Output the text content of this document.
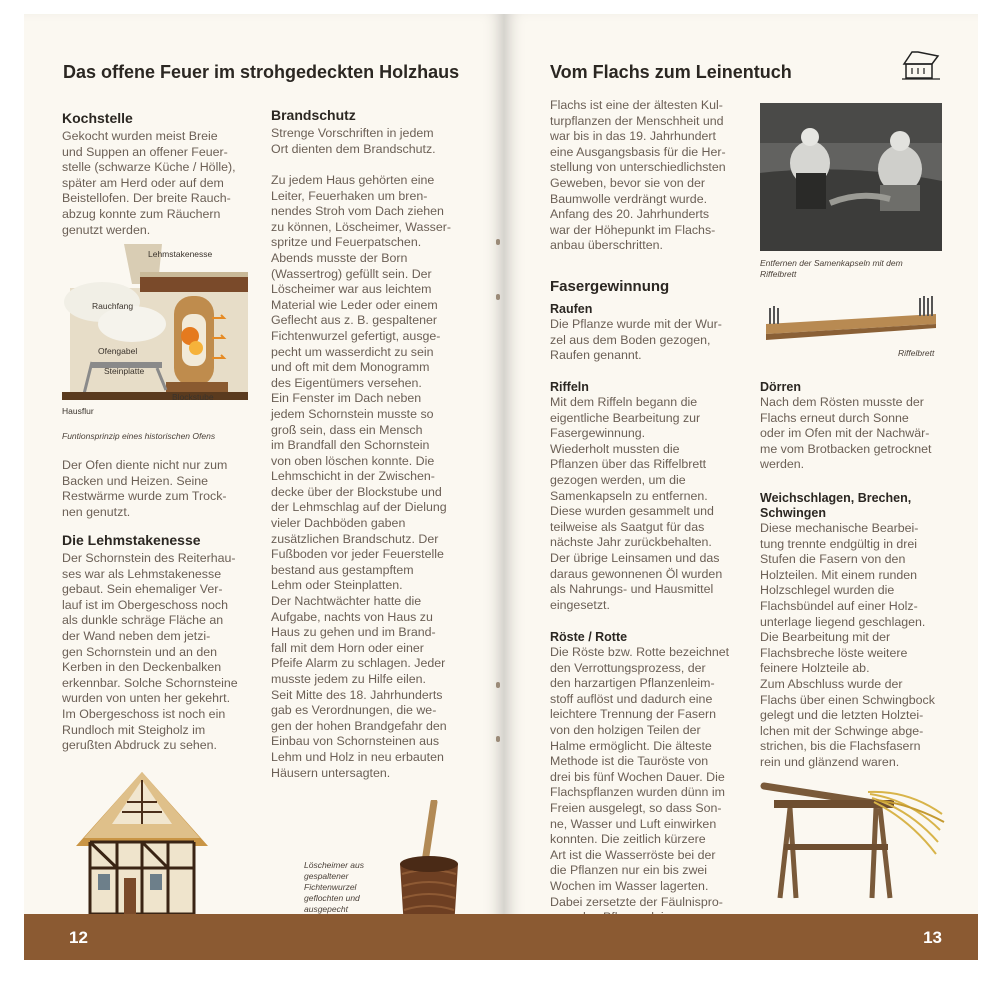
Das offene Feuer im strohgedeckten Holzhaus
Kochstelle
Gekocht wurden meist Breie
und Suppen an offener Feuer-
stelle (schwarze Küche / Hölle),
später am Herd oder auf dem
Beistellofen. Der breite Rauch-
abzug konnte zum Räuchern
genutzt werden.
Lehmstakenesse
Rauchfang
Ofengabel
Steinplatte
Hausflur
Blockstube
Funtionsprinzip eines historischen Ofens
Der Ofen diente nicht nur zum
Backen und Heizen. Seine
Restwärme wurde zum Trock-
nen genutzt.
Die Lehmstakenesse
Der Schornstein des Reiterhau-
ses war als Lehmstakenesse
gebaut. Sein ehemaliger Ver-
lauf ist im Obergeschoss noch
als dunkle schräge Fläche an
der Wand neben dem jetzi-
gen Schornstein und an den
Kerben in den Deckenbalken
erkennbar. Solche Schornsteine
wurden von unten her gekehrt.
Im Obergeschoss ist noch ein
Rundloch mit Steigholz im
gerußten Abdruck zu sehen.
Brandschutz
Strenge Vorschriften in jedem
Ort dienten dem Brandschutz.
Zu jedem Haus gehörten eine
Leiter, Feuerhaken um bren-
nendes Stroh vom Dach ziehen
zu können, Löscheimer, Wasser-
spritze und Feuerpatschen.
Abends musste der Born
(Wassertrog) gefüllt sein. Der
Löscheimer war aus leichtem
Material wie Leder oder einem
Geflecht aus z. B. gespaltener
Fichtenwurzel gefertigt, ausge-
pecht um wasserdicht zu sein
und oft mit dem Monogramm
des Eigentümers versehen.
Ein Fenster im Dach neben
jedem Schornstein musste so
groß sein, dass ein Mensch
im Brandfall den Schornstein
von oben löschen konnte. Die
Lehmschicht in der Zwischen-
decke über der Blockstube und
der Lehmschlag auf der Dielung
vieler Dachböden gaben
zusätzlichen Brandschutz. Der
Fußboden vor jeder Feuerstelle
bestand aus gestampftem
Lehm oder Steinplatten.
Der Nachtwächter hatte die
Aufgabe, nachts von Haus zu
Haus zu gehen und im Brand-
fall mit dem Horn oder einer
Pfeife Alarm zu schlagen. Jeder
musste jedem zu Hilfe eilen.
Seit Mitte des 18. Jahrhunderts
gab es Verordnungen, die we-
gen der hohen Brandgefahr den
Einbau von Schornsteinen aus
Lehm und Holz in neu erbauten
Häusern untersagten.
Löscheimer aus
gespaltener
Fichtenwurzel
geflochten und
ausgepecht
12
Vom Flachs zum Leinentuch
Flachs ist eine der ältesten Kul-
turpflanzen der Menschheit und
war bis in das 19. Jahrhundert
eine Ausgangsbasis für die Her-
stellung von unterschiedlichsten
Geweben, bevor sie von der
Baumwolle verdrängt wurde.
Anfang des 20. Jahrhunderts
war der Höhepunkt im Flachs-
anbau überschritten.
Entfernen der Samenkapseln mit dem
Riffelbrett
Fasergewinnung
Raufen
Die Pflanze wurde mit der Wur-
zel aus dem Boden gezogen,
Raufen genannt.	Riffelbrett
Riffeln
Mit dem Riffeln begann die
eigentliche Bearbeitung zur
Fasergewinnung.
Wiederholt mussten die
Pflanzen über das Riffelbrett
gezogen werden, um die
Samenkapseln zu entfernen.
Diese wurden gesammelt und
teilweise als Saatgut für das
nächste Jahr zurückbehalten.
Der übrige Leinsamen und das
daraus gewonnenen Öl wurden
als Nahrungs- und Hausmittel
eingesetzt.
Röste / Rotte
Die Röste bzw. Rotte bezeichnet
den Verrottungsprozess, der
den harzartigen Pflanzenleim-
stoff auflöst und dadurch eine
leichtere Trennung der Fasern
von den holzigen Teilen der
Halme ermöglicht. Die älteste
Methode ist die Tauröste von
drei bis fünf Wochen Dauer. Die
Flachspflanzen wurden dünn im
Freien ausgelegt, so dass Son-
ne, Wasser und Luft einwirken
konnten. Die zeitlich kürzere
Art ist die Wasserröste bei der
die Pflanzen nur ein bis zwei
Wochen im Wasser lagerten.
Dabei zersetzte der Fäulnispro-

Dörren
Nach dem Rösten musste der
Flachs erneut durch Sonne
oder im Ofen mit der Nachwär-
me vom Brotbacken getrocknet
werden.
Weichschlagen, Brechen,
Schwingen
Diese mechanische Bearbei-
tung trennte endgültig in drei
Stufen die Fasern von den
Holzteilen. Mit einem runden
Holzschlegel wurden die
Flachsbündel auf einer Holz-
unterlage liegend geschlagen.
Die Bearbeitung mit der
Flachsbreche löste weitere
feinere Holzteile ab.
Zum Abschluss wurde der
Flachs über einen Schwingbock
gelegt und die letzten Holztei-
lchen mit der Schwinge abge-
strichen, bis die Flachsfasern
rein und glänzend waren.
13
